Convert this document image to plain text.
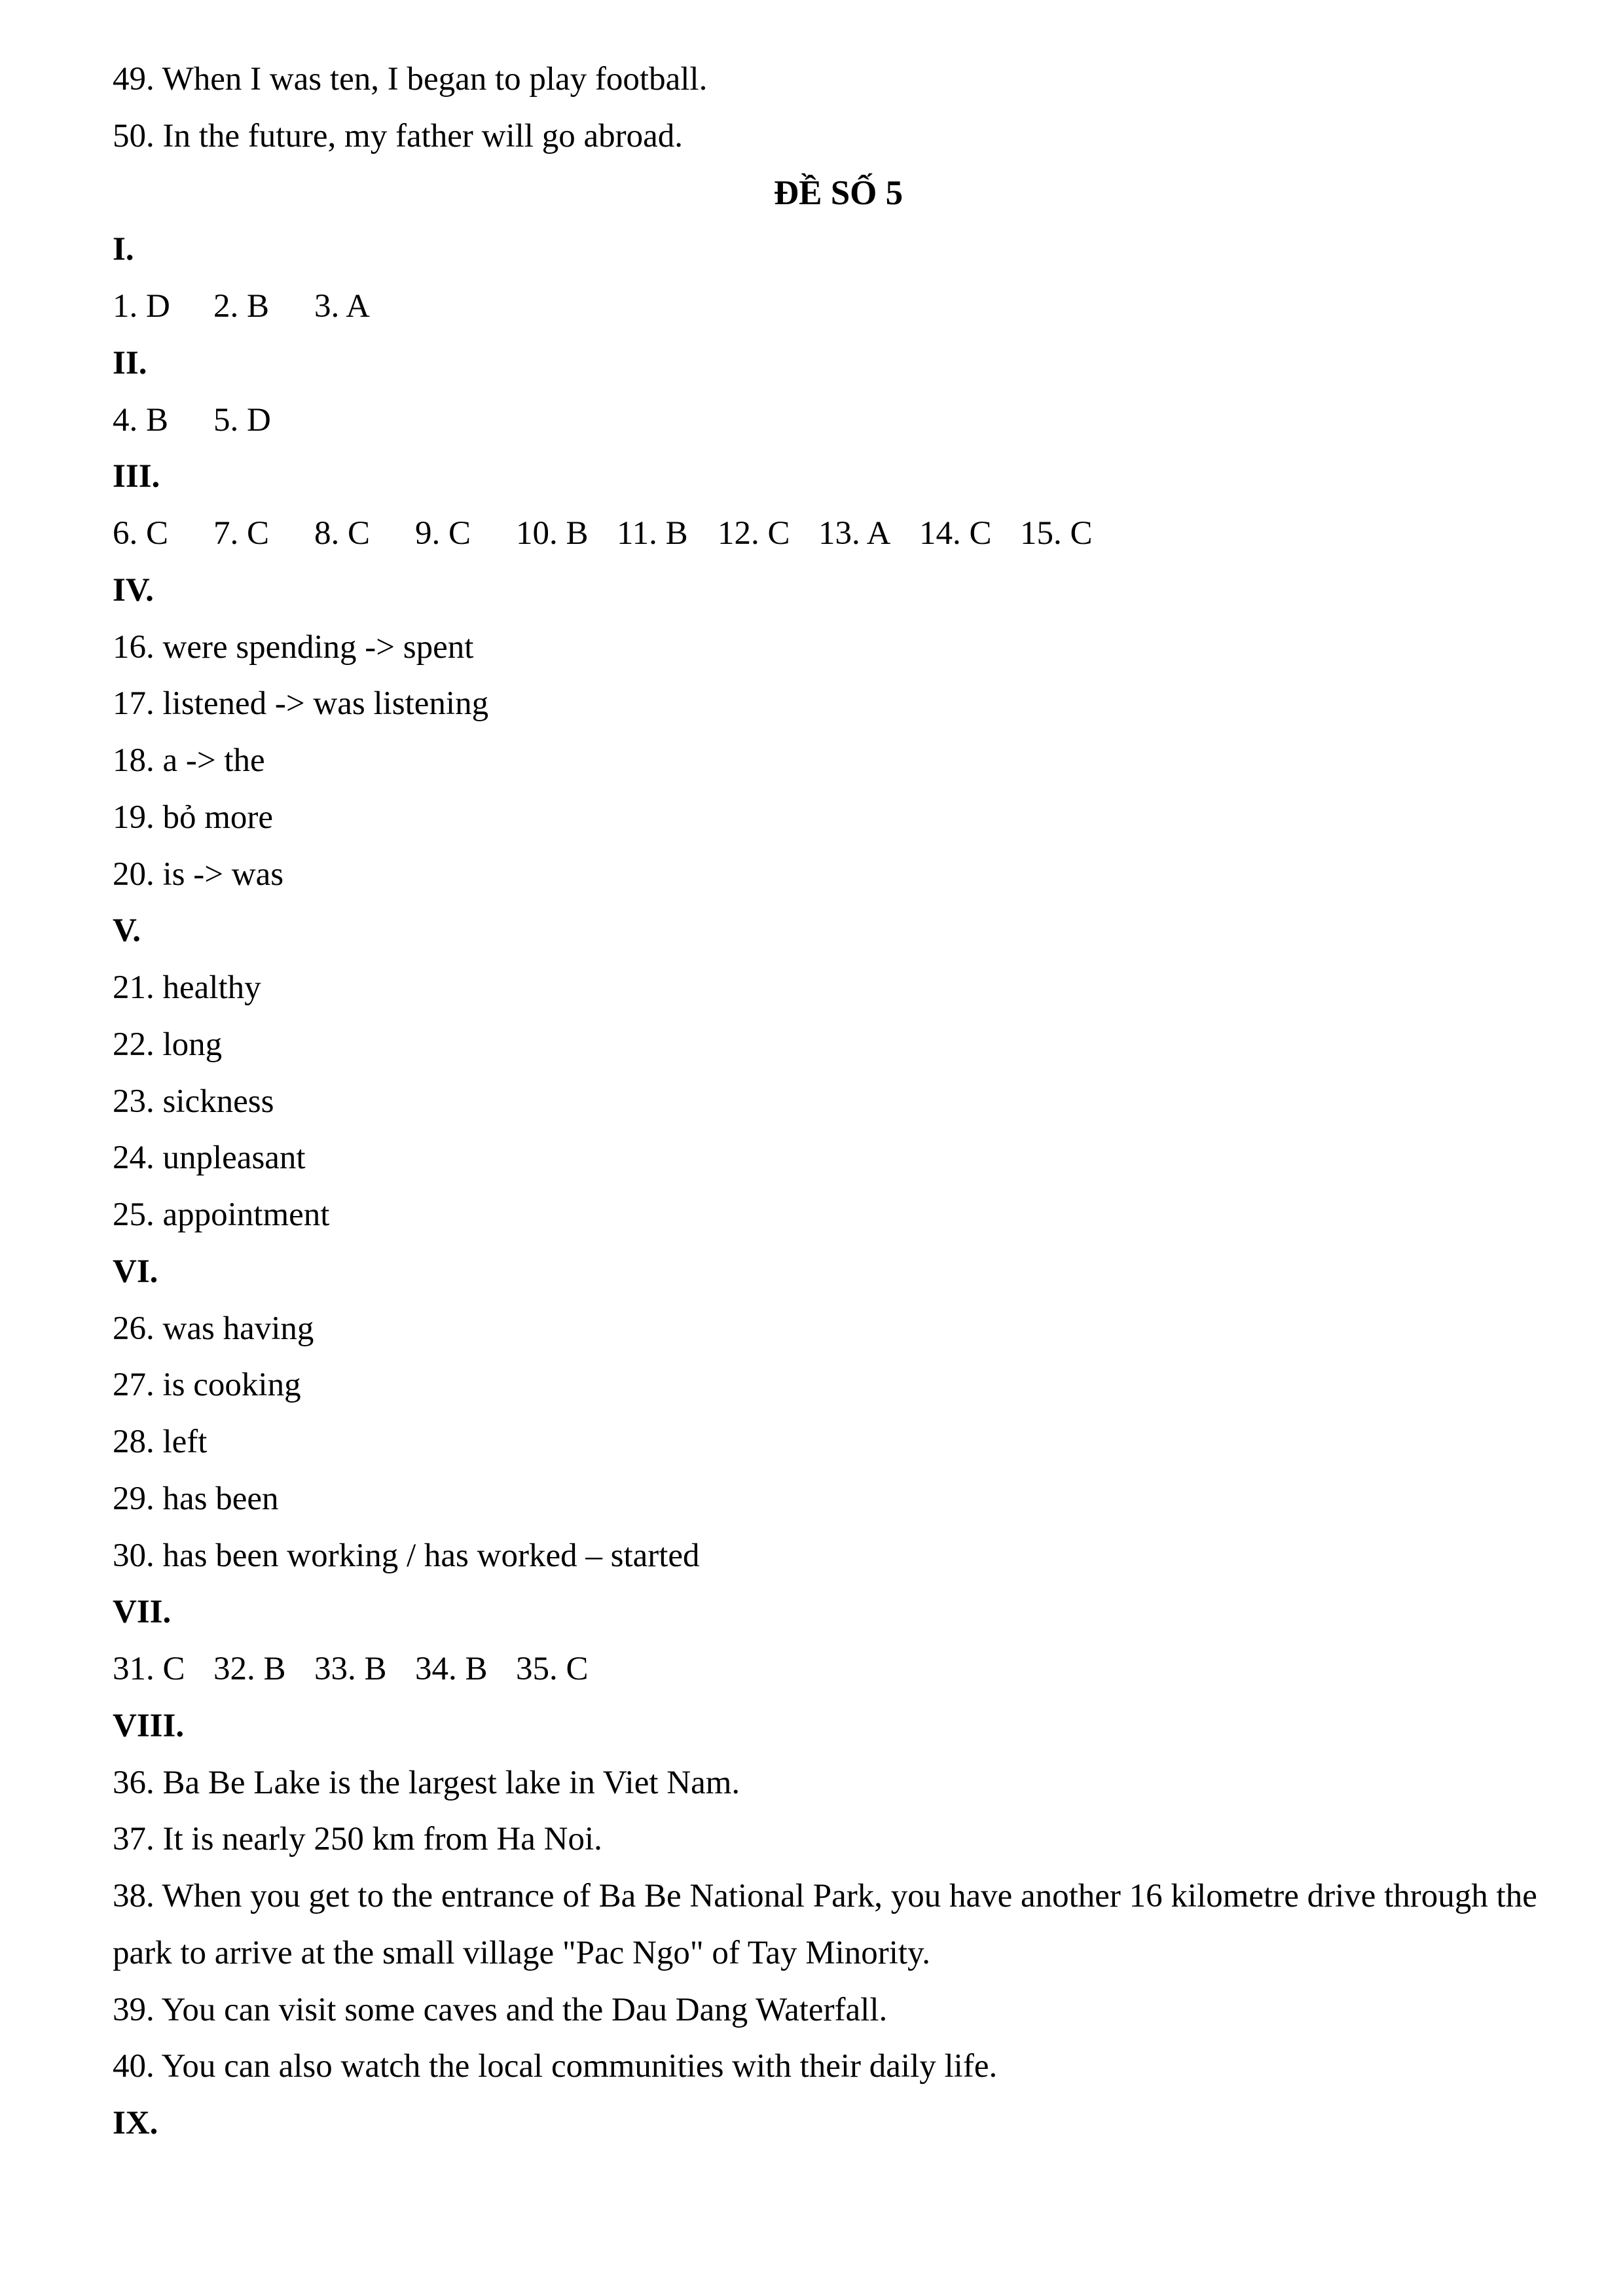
49. When I was ten, I began to play football.
50. In the future, my father will go abroad.
ĐỀ SỐ 5
I.
1. D 2. B 3. A
II.
4. B 5. D
III.
6. C 7. C 8. C 9. C 10. B 11. B 12. C 13. A 14. C 15. C
IV.
16. were spending -> spent
17. listened -> was listening
18. a -> the
19. bỏ more
20. is -> was
V.
21. healthy
22. long
23. sickness
24. unpleasant
25. appointment
VI.
26. was having
27. is cooking
28. left
29. has been
30. has been working / has worked – started
VII.
31. C 32. B 33. B 34. B 35. C
VIII.
36. Ba Be Lake is the largest lake in Viet Nam.
37. It is nearly 250 km from Ha Noi.
38. When you get to the entrance of Ba Be National Park, you have another 16 kilometre drive through the
park to arrive at the small village "Pac Ngo" of Tay Minority.
39. You can visit some caves and the Dau Dang Waterfall.
40. You can also watch the local communities with their daily life.
IX.
